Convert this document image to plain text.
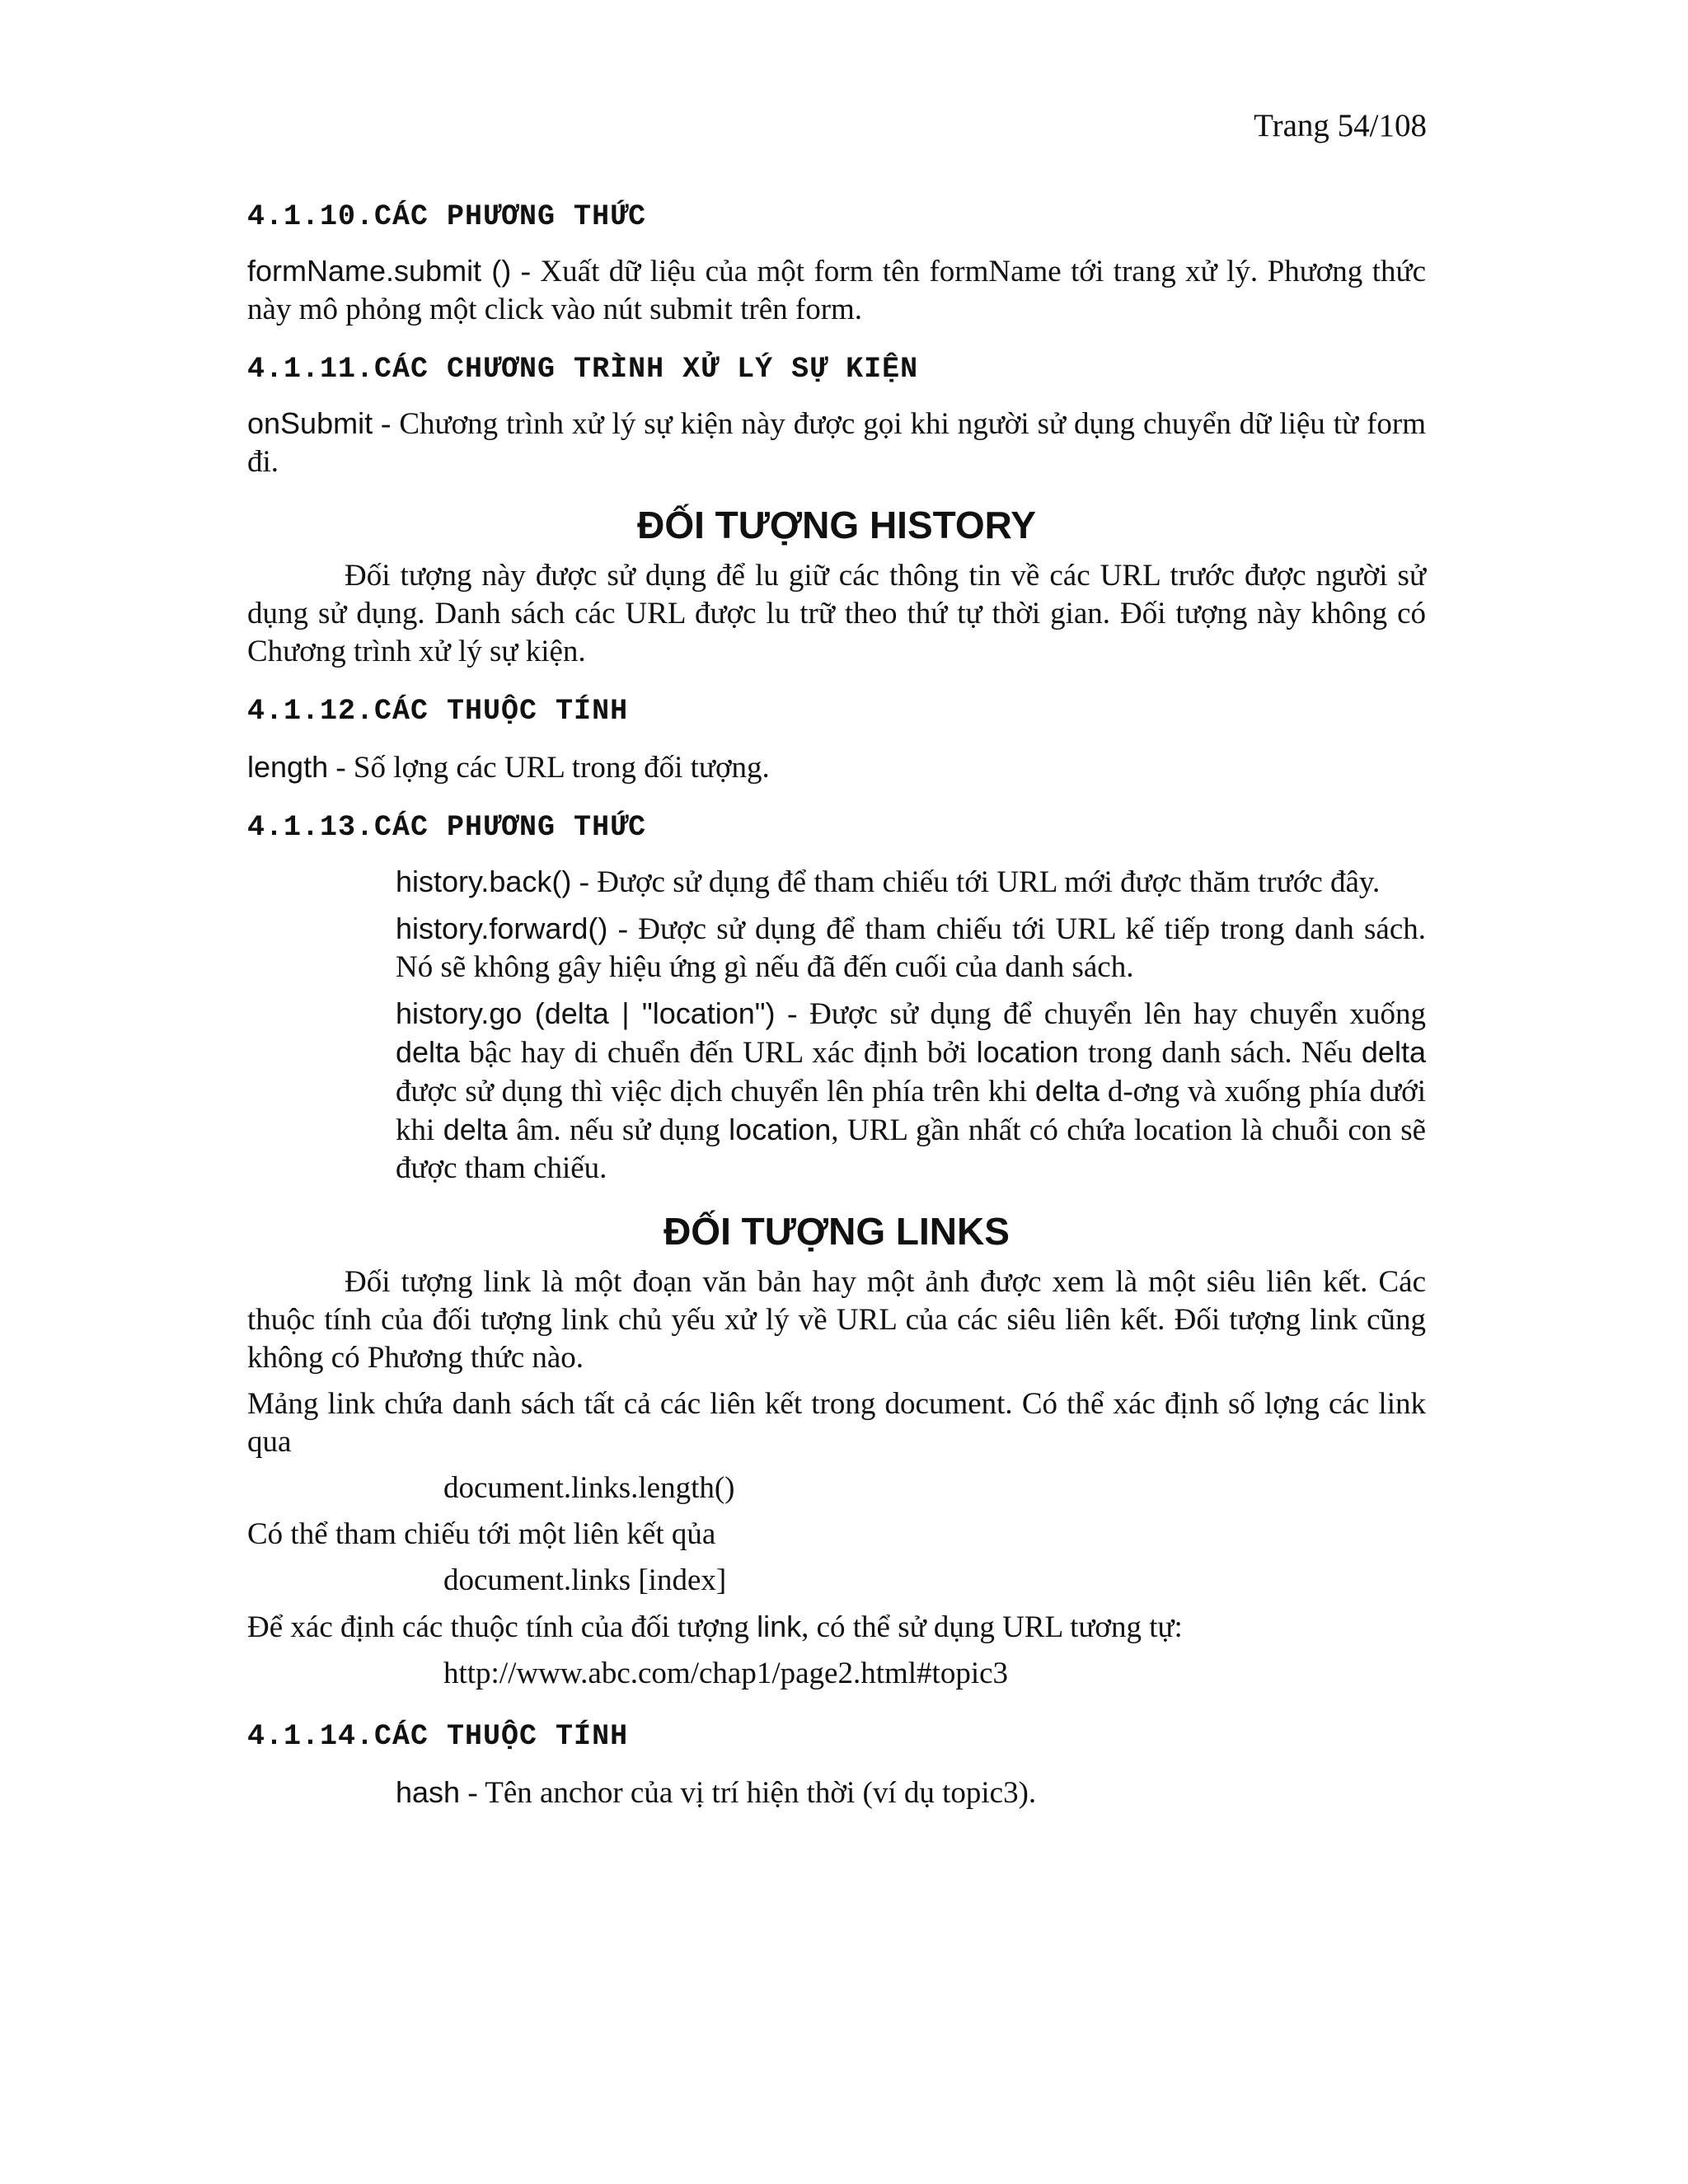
Trang 54/108
4.1.10.CÁC PHƯƠNG THỨC

formName.submit () - Xuất dữ liệu của một form tên formName tới trang xử lý. Phương thức này mô phỏng một click vào nút submit trên form.

4.1.11.CÁC CHƯƠNG TRÌNH XỬ LÝ SỰ KIỆN

onSubmit - Chương trình xử lý sự kiện này được gọi khi người sử dụng chuyển dữ liệu từ form đi.

ĐỐI TƯỢNG HISTORY

Đối tượng này được sử dụng để lu giữ các thông tin về các URL trước được người sử dụng sử dụng. Danh sách các URL được lu trữ theo thứ tự thời gian. Đối tượng này không có Chương trình xử lý sự kiện.

4.1.12.CÁC THUỘC TÍNH

length - Số lợng các URL trong đối tượng.

4.1.13.CÁC PHƯƠNG THỨC

history.back() - Được sử dụng để tham chiếu tới URL mới được thăm trước đây.

history.forward() - Được sử dụng để tham chiếu tới URL kế tiếp trong danh sách. Nó sẽ không gây hiệu ứng gì nếu đã đến cuối của danh sách.

history.go (delta | "location") - Được sử dụng để chuyển lên hay chuyển xuống delta bậc hay di chuển đến URL xác định bởi location trong danh sách. Nếu delta được sử dụng thì việc dịch chuyển lên phía trên khi delta d-ơng và xuống phía dưới khi delta âm. nếu sử dụng location, URL gần nhất có chứa location là chuỗi con sẽ được tham chiếu.

ĐỐI TƯỢNG LINKS

Đối tượng link là một đoạn văn bản hay một ảnh được xem là một siêu liên kết. Các thuộc tính của đối tượng link chủ yếu xử lý về URL của các siêu liên kết. Đối tượng link cũng không có Phương thức nào.

Mảng link chứa danh sách tất cả các liên kết trong document. Có thể xác định số lợng các link qua

document.links.length()

Có thể tham chiếu tới một liên kết qủa

document.links [index]

Để xác định các thuộc tính của đối tượng link, có thể sử dụng URL tương tự:

http://www.abc.com/chap1/page2.html#topic3

4.1.14.CÁC THUỘC TÍNH

hash - Tên anchor của vị trí hiện thời (ví dụ topic3).
